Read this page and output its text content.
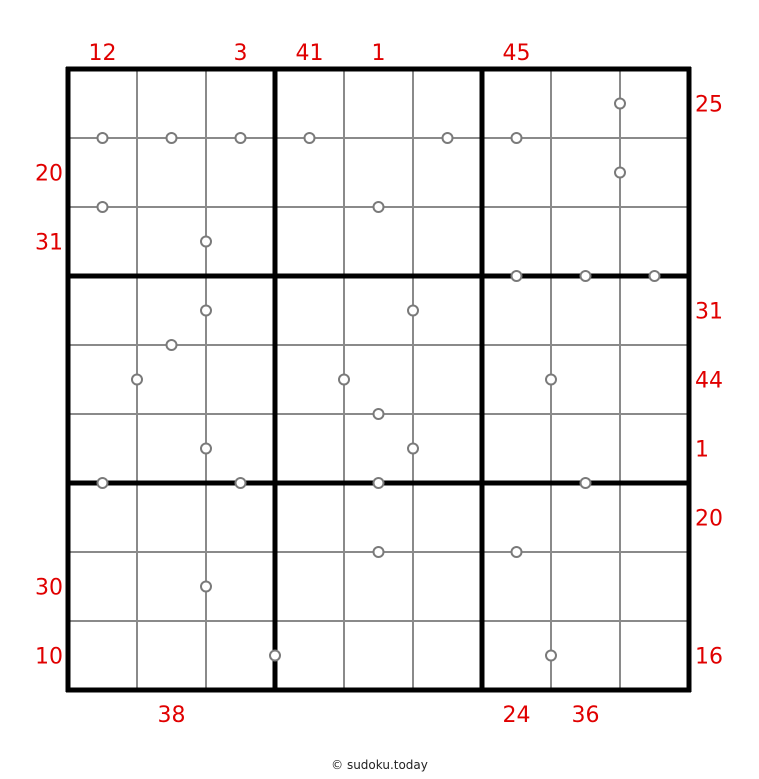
12	3 41 1	45
38	24 36
20
31
30
10
25
31
44
1
20
16
© sudoku.today
